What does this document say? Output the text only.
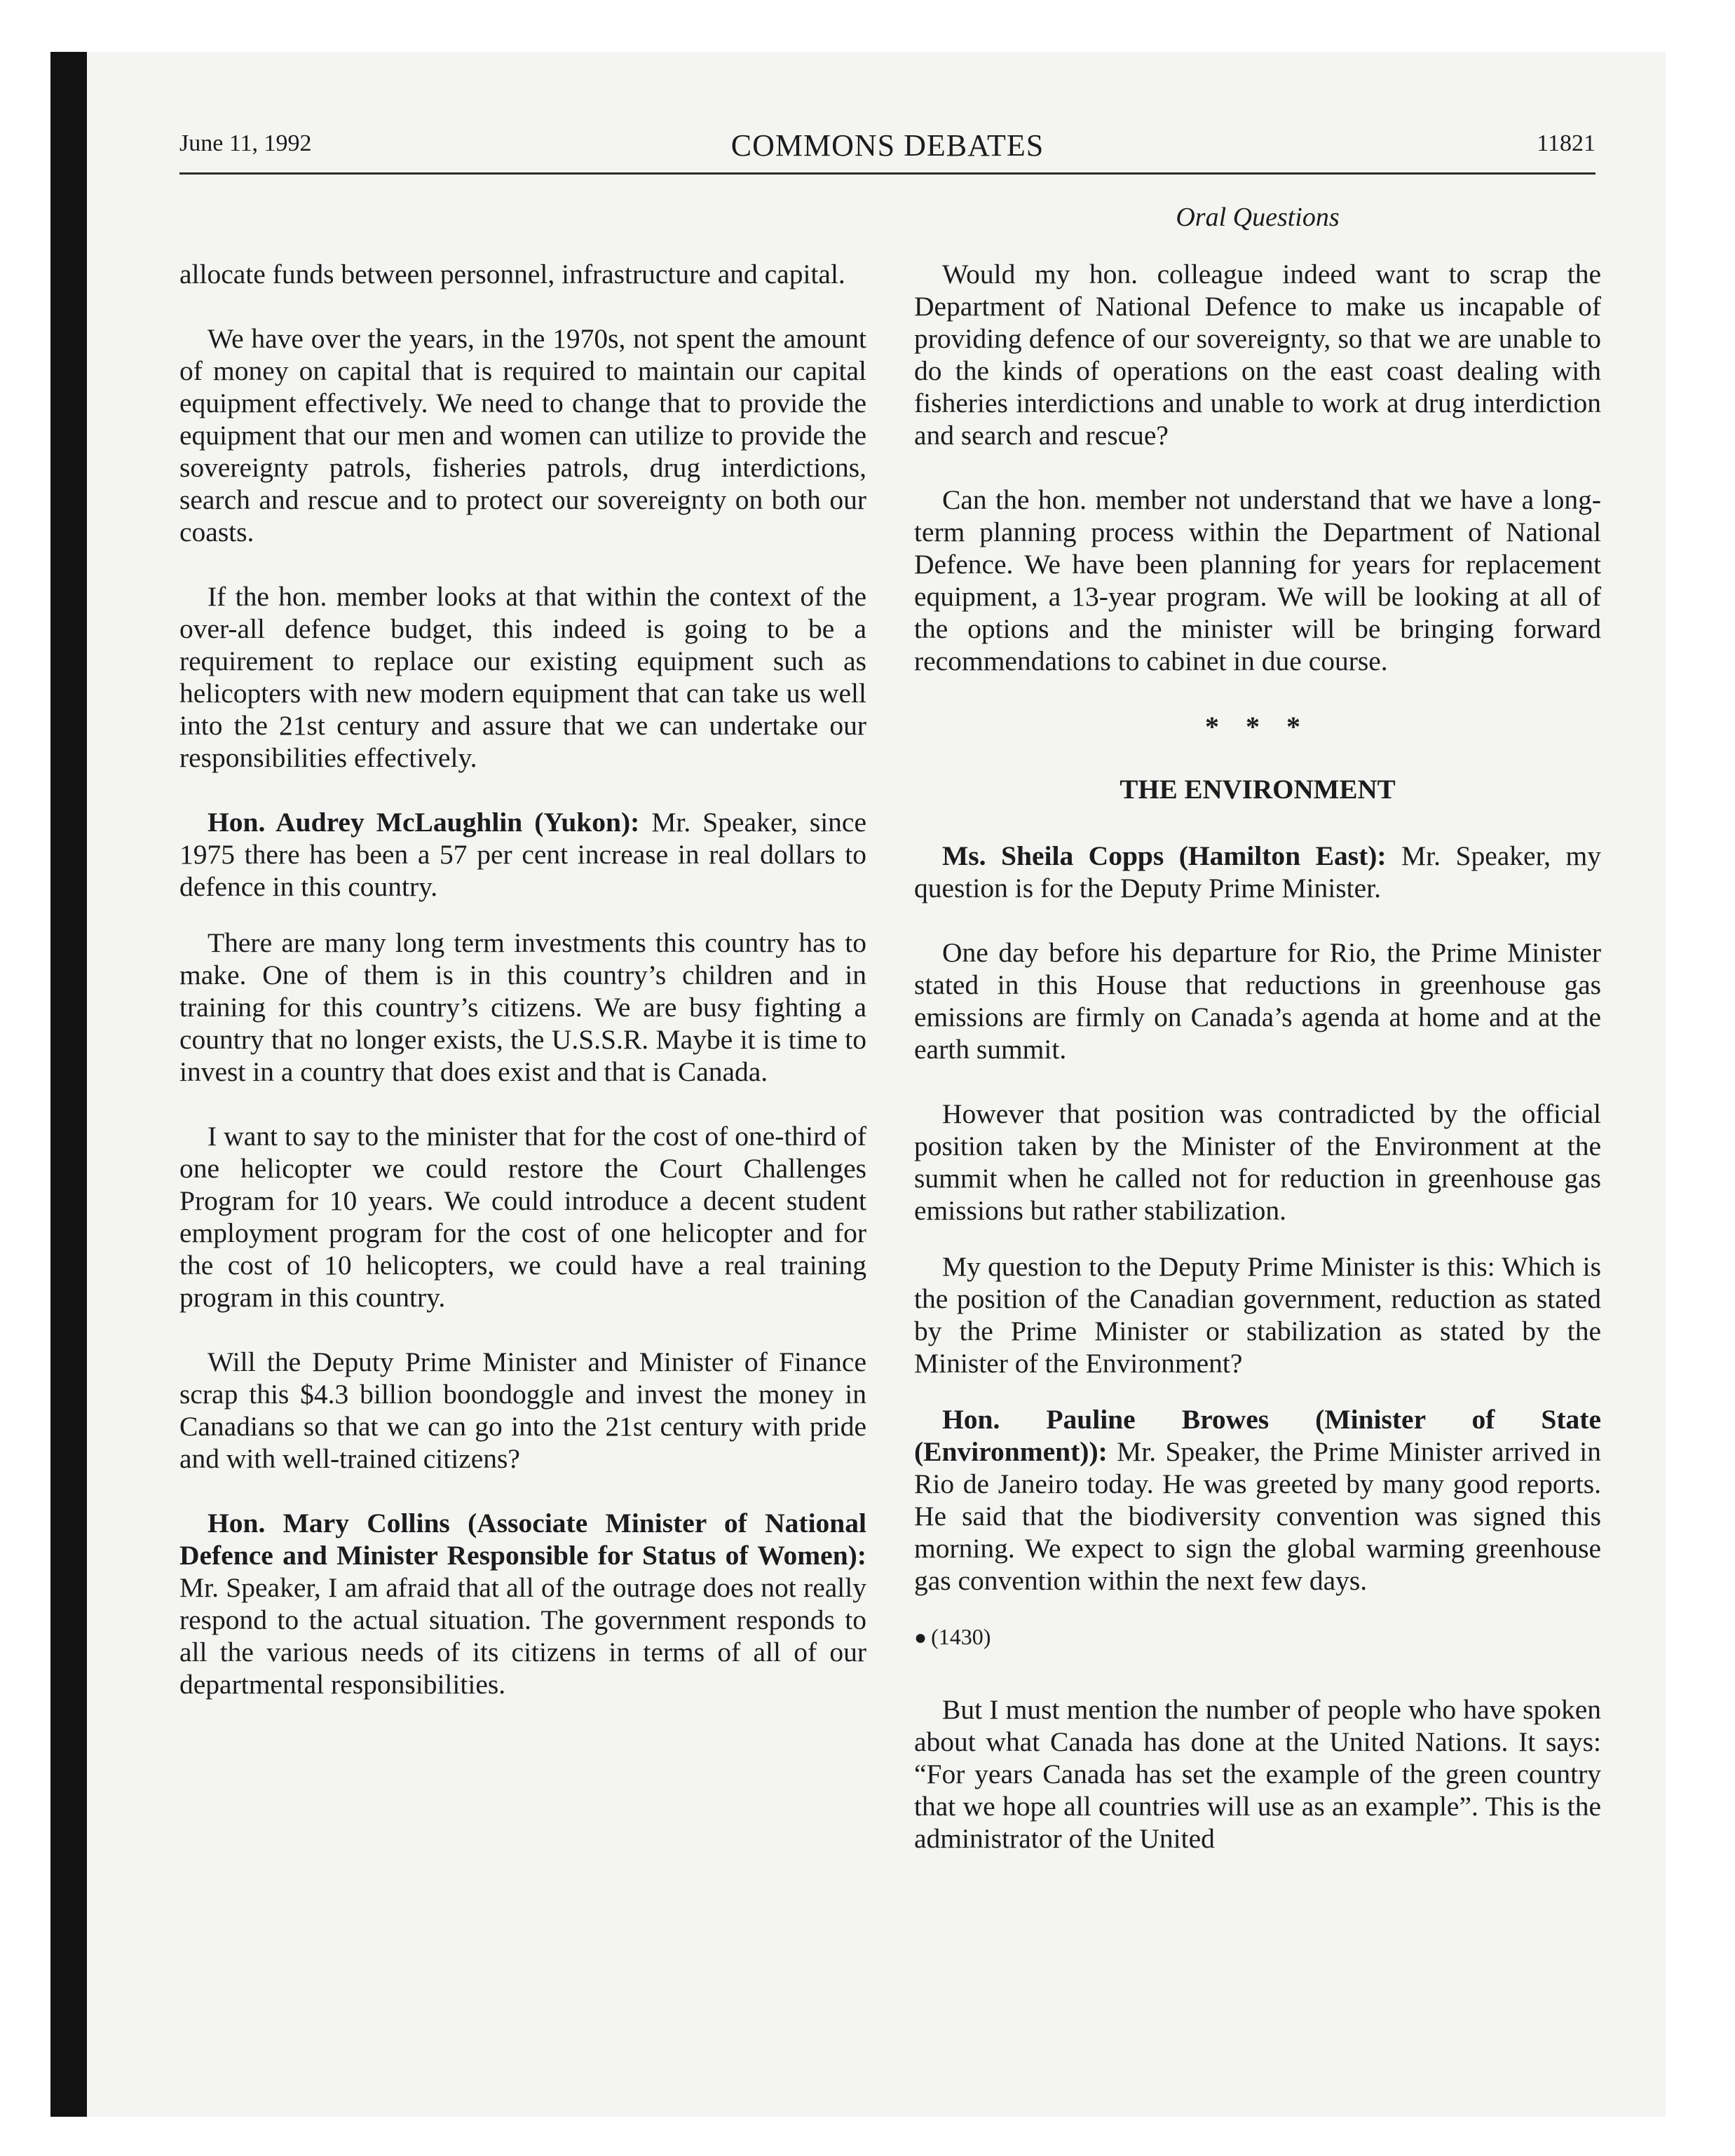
June 11, 1992	COMMONS DEBATES	11821
Oral Questions

allocate funds between personnel, infrastructure and capital.

We have over the years, in the 1970s, not spent the amount of money on capital that is required to maintain our capital equipment effectively. We need to change that to provide the equipment that our men and women can utilize to provide the sovereignty patrols, fisheries patrols, drug interdictions, search and rescue and to protect our sovereignty on both our coasts.

If the hon. member looks at that within the context of the over-all defence budget, this indeed is going to be a requirement to replace our existing equipment such as helicopters with new modern equipment that can take us well into the 21st century and assure that we can undertake our responsibilities effectively.

Hon. Audrey McLaughlin (Yukon): Mr. Speaker, since 1975 there has been a 57 per cent increase in real dollars to defence in this country.

There are many long term investments this country has to make. One of them is in this country’s children and in training for this country’s citizens. We are busy fighting a country that no longer exists, the U.S.S.R. Maybe it is time to invest in a country that does exist and that is Canada.

I want to say to the minister that for the cost of one-third of one helicopter we could restore the Court Challenges Program for 10 years. We could introduce a decent student employment program for the cost of one helicopter and for the cost of 10 helicopters, we could have a real training program in this country.

Will the Deputy Prime Minister and Minister of Finance scrap this $4.3 billion boondoggle and invest the money in Canadians so that we can go into the 21st century with pride and with well-trained citizens?

Hon. Mary Collins (Associate Minister of National Defence and Minister Responsible for Status of Women): Mr. Speaker, I am afraid that all of the outrage does not really respond to the actual situation. The government responds to all the various needs of its citizens in terms of all of our departmental responsibilities.

Would my hon. colleague indeed want to scrap the Department of National Defence to make us incapable of providing defence of our sovereignty, so that we are unable to do the kinds of operations on the east coast dealing with fisheries interdictions and unable to work at drug interdiction and search and rescue?

Can the hon. member not understand that we have a long-term planning process within the Department of National Defence. We have been planning for years for replacement equipment, a 13-year program. We will be looking at all of the options and the minister will be bringing forward recommendations to cabinet in due course.

* * *
THE ENVIRONMENT

Ms. Sheila Copps (Hamilton East): Mr. Speaker, my question is for the Deputy Prime Minister.

One day before his departure for Rio, the Prime Minister stated in this House that reductions in greenhouse gas emissions are firmly on Canada’s agenda at home and at the earth summit.

However that position was contradicted by the official position taken by the Minister of the Environment at the summit when he called not for reduction in greenhouse gas emissions but rather stabilization.

My question to the Deputy Prime Minister is this: Which is the position of the Canadian government, reduction as stated by the Prime Minister or stabilization as stated by the Minister of the Environment?

Hon. Pauline Browes (Minister of State (Environment)): Mr. Speaker, the Prime Minister arrived in Rio de Janeiro today. He was greeted by many good reports. He said that the biodiversity convention was signed this morning. We expect to sign the global warming greenhouse gas convention within the next few days.

● (1430)

But I must mention the number of people who have spoken about what Canada has done at the United Nations. It says: “For years Canada has set the example of the green country that we hope all countries will use as an example”. This is the administrator of the United
